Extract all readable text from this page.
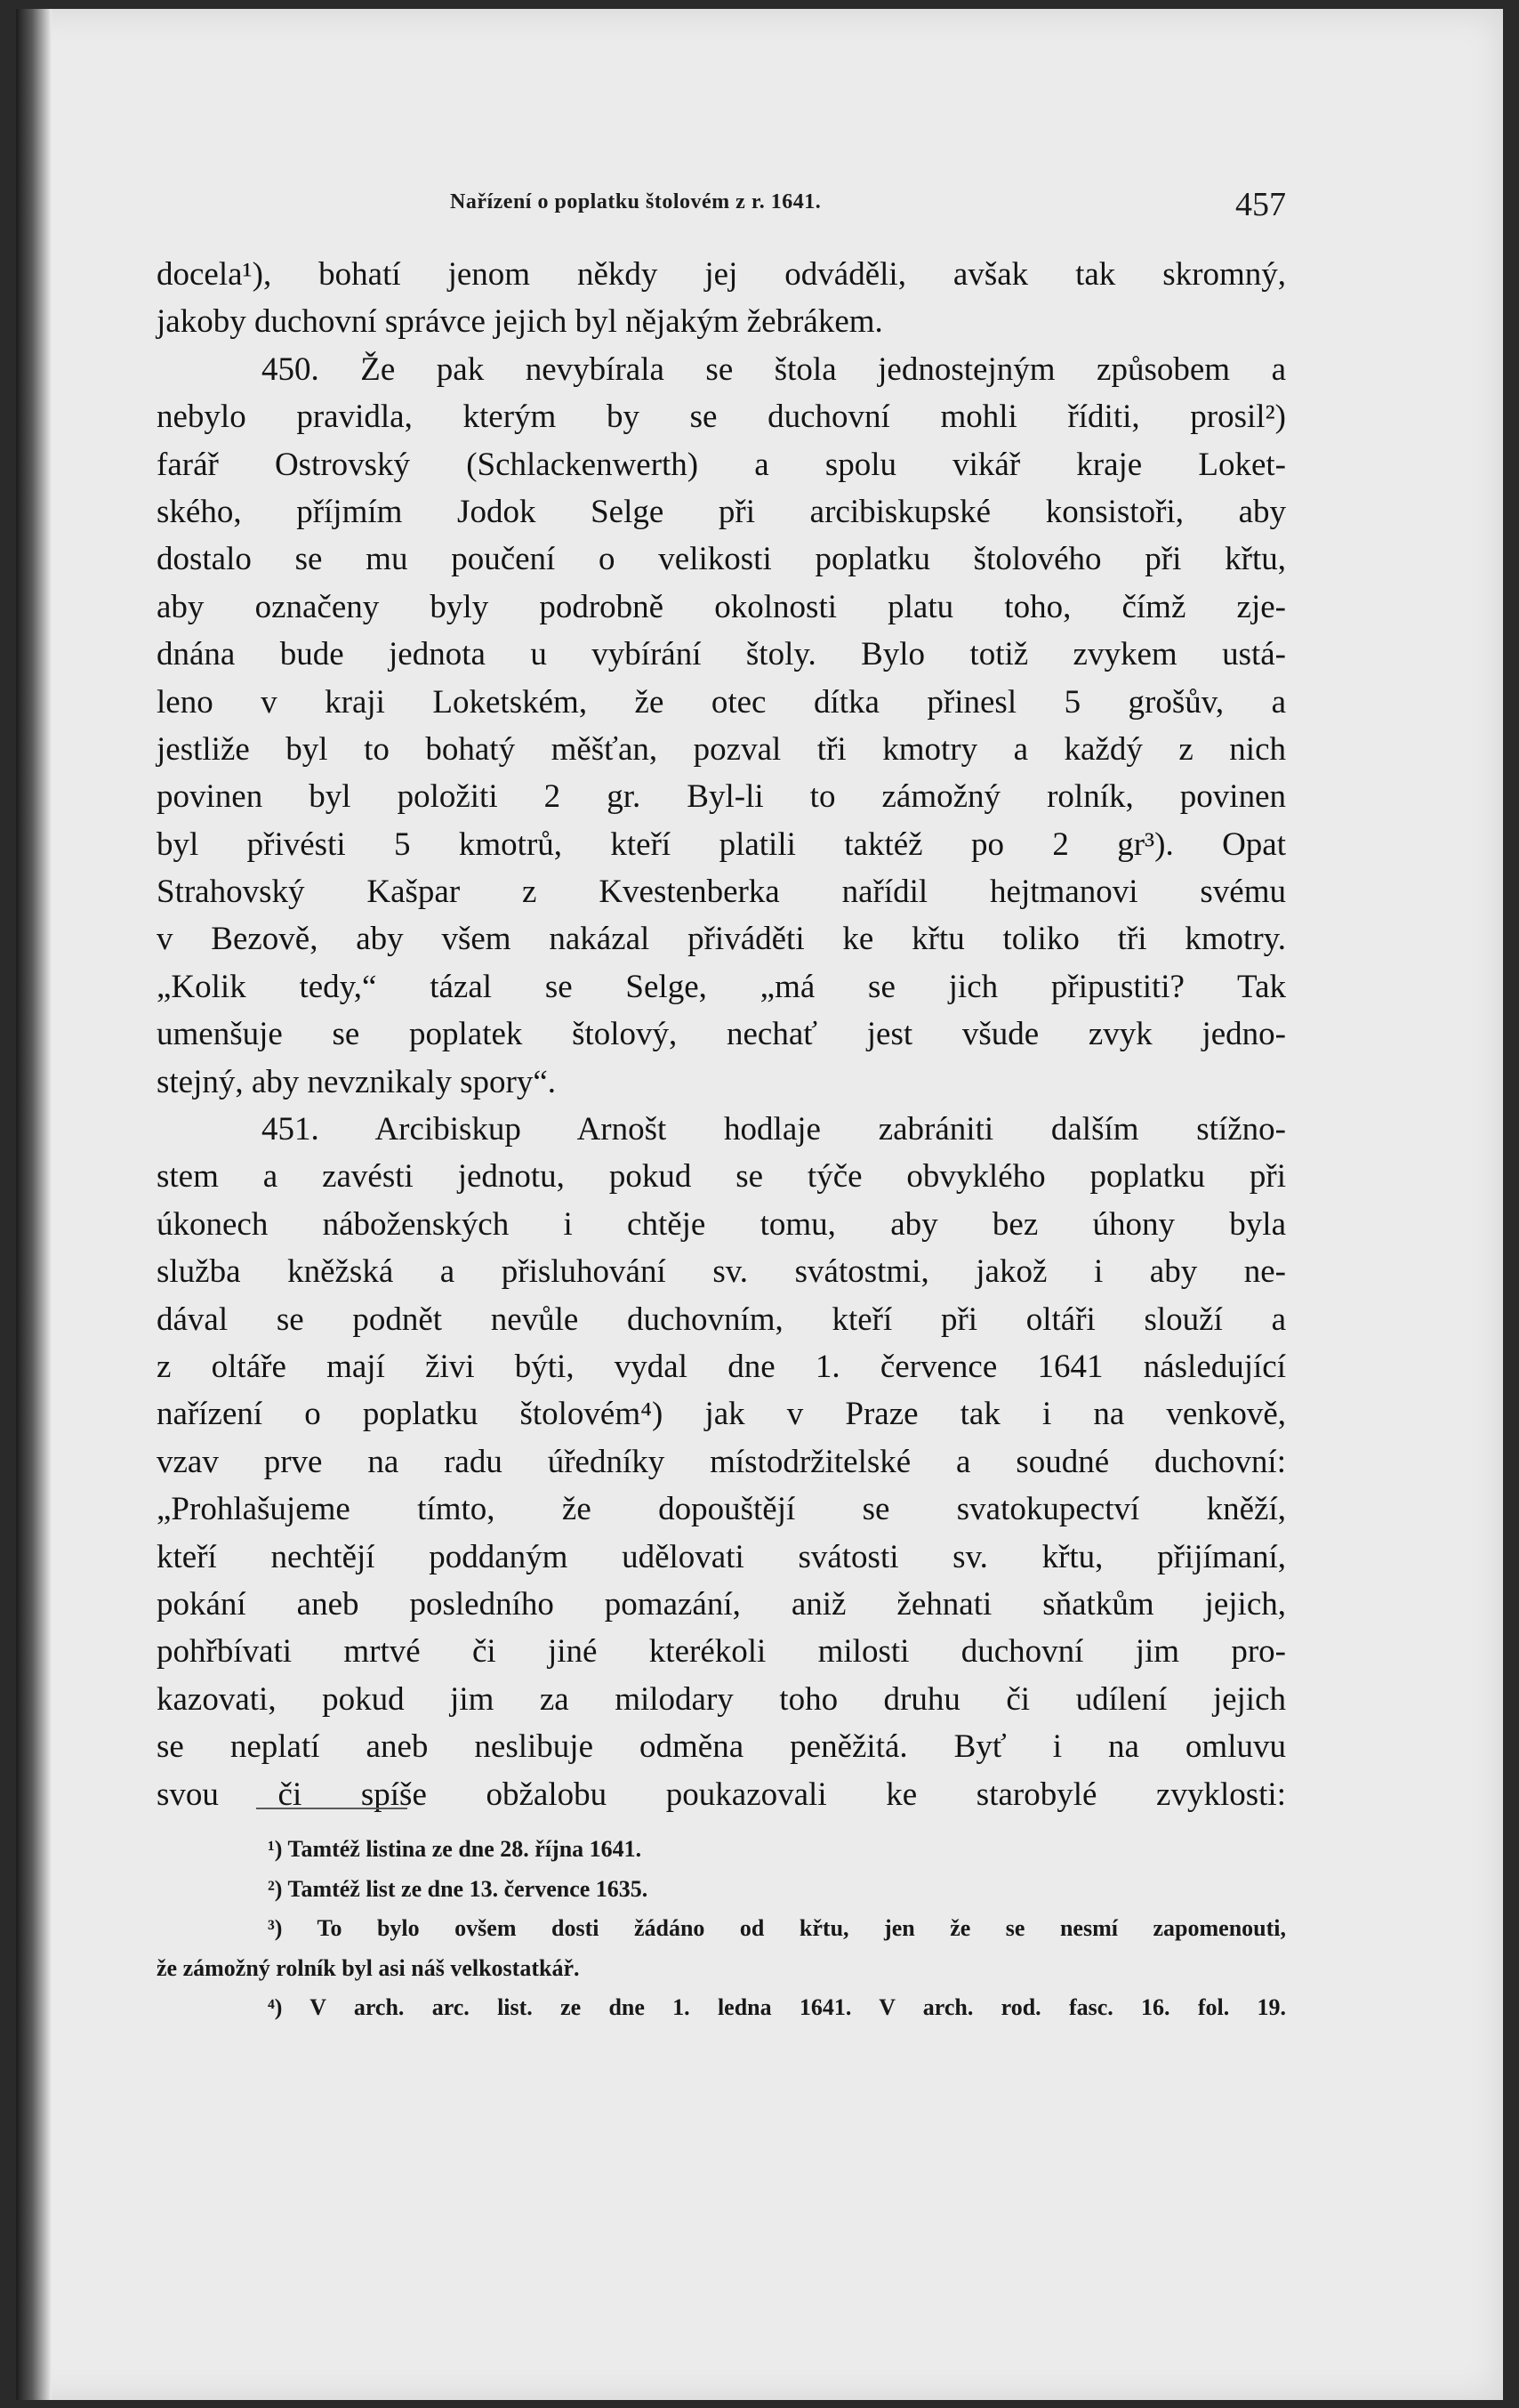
Nařízení o poplatku štolovém z r. 1641.	457
docela¹), bohatí jenom někdy jej odváděli, avšak tak skromný,
jakoby duchovní správce jejich byl nějakým žebrákem.
450. Že pak nevybírala se štola jednostejným způsobem a
nebylo pravidla, kterým by se duchovní mohli říditi, prosil²)
farář Ostrovský (Schlackenwerth) a spolu vikář kraje Loket-
ského, příjmím Jodok Selge při arcibiskupské konsistoři, aby
dostalo se mu poučení o velikosti poplatku štolového při křtu,
aby označeny byly podrobně okolnosti platu toho, čímž zje-
dnána bude jednota u vybírání štoly. Bylo totiž zvykem ustá-
leno v kraji Loketském, že otec dítka přinesl 5 grošův, a
jestliže byl to bohatý měšťan, pozval tři kmotry a každý z nich
povinen byl položiti 2 gr. Byl-li to zámožný rolník, povinen
byl přivésti 5 kmotrů, kteří platili taktéž po 2 gr³). Opat
Strahovský Kašpar z Kvestenberka nařídil hejtmanovi svému
v Bezově, aby všem nakázal přiváděti ke křtu toliko tři kmotry.
„Kolik tedy,“ tázal se Selge, „má se jich připustiti? Tak
umenšuje se poplatek štolový, nechať jest všude zvyk jedno-
stejný, aby nevznikaly spory“.
451. Arcibiskup Arnošt hodlaje zabrániti dalším stížno-
stem a zavésti jednotu, pokud se týče obvyklého poplatku při
úkonech náboženských i chtěje tomu, aby bez úhony byla
služba kněžská a přisluhování sv. svátostmi, jakož i aby ne-
dával se podnět nevůle duchovním, kteří při oltáři slouží a
z oltáře mají živi býti, vydal dne 1. července 1641 následující
nařízení o poplatku štolovém⁴) jak v Praze tak i na venkově,
vzav prve na radu úředníky místodržitelské a soudné duchovní:
„Prohlašujeme tímto, že dopouštějí se svatokupectví kněží,
kteří nechtějí poddaným udělovati svátosti sv. křtu, přijímaní,
pokání aneb posledního pomazání, aniž žehnati sňatkům jejich,
pohřbívati mrtvé či jiné kterékoli milosti duchovní jim pro-
kazovati, pokud jim za milodary toho druhu či udílení jejich
se neplatí aneb neslibuje odměna peněžitá. Byť i na omluvu
svou či spíše obžalobu poukazovali ke starobylé zvyklosti:
¹) Tamtéž listina ze dne 28. října 1641.
²) Tamtéž list ze dne 13. července 1635.
³) To bylo ovšem dosti žádáno od křtu, jen že se nesmí zapomenouti,
že zámožný rolník byl asi náš velkostatkář.
⁴) V arch. arc. list. ze dne 1. ledna 1641. V arch. rod. fasc. 16. fol. 19.
